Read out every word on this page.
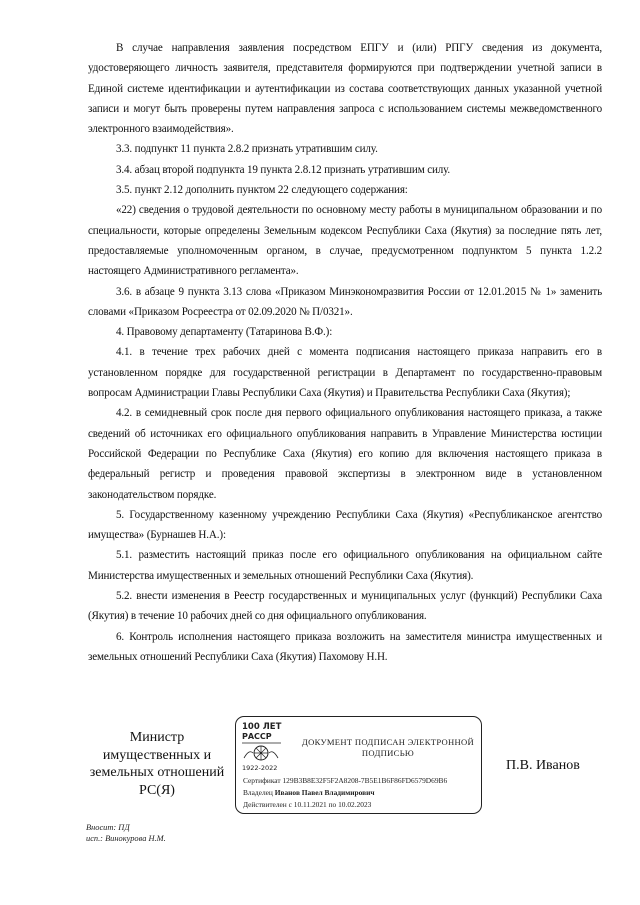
В случае направления заявления посредством ЕПГУ и (или) РПГУ сведения из документа, удостоверяющего личность заявителя, представителя формируются при подтверждении учетной записи в Единой системе идентификации и аутентификации из состава соответствующих данных указанной учетной записи и могут быть проверены путем направления запроса с использованием системы межведомственного электронного взаимодействия».

3.3. подпункт 11 пункта 2.8.2 признать утратившим силу.

3.4. абзац второй подпункта 19 пункта 2.8.12 признать утратившим силу.

3.5. пункт 2.12 дополнить пунктом 22 следующего содержания:

«22) сведения о трудовой деятельности по основному месту работы в муниципальном образовании и по специальности, которые определены Земельным кодексом Республики Саха (Якутия) за последние пять лет, предоставляемые уполномоченным органом, в случае, предусмотренном подпунктом 5 пункта 1.2.2 настоящего Административного регламента».

3.6. в абзаце 9 пункта 3.13 слова «Приказом Минэкономразвития России от 12.01.2015 № 1» заменить словами «Приказом Росреестра от 02.09.2020 № П/0321».

4. Правовому департаменту (Татаринова В.Ф.):

4.1. в течение трех рабочих дней с момента подписания настоящего приказа направить его в установленном порядке для государственной регистрации в Департамент по государственно-правовым вопросам Администрации Главы Республики Саха (Якутия) и Правительства Республики Саха (Якутия);

4.2. в семидневный срок после дня первого официального опубликования настоящего приказа, а также сведений об источниках его официального опубликования направить в Управление Министерства юстиции Российской Федерации по Республике Саха (Якутия) его копию для включения настоящего приказа в федеральный регистр и проведения правовой экспертизы в электронном виде в установленном законодательством порядке.

5. Государственному казенному учреждению Республики Саха (Якутия) «Республиканское агентство имущества» (Бурнашев Н.А.):

5.1. разместить настоящий приказ после его официального опубликования на официальном сайте Министерства имущественных и земельных отношений Республики Саха (Якутия).

5.2. внести изменения в Реестр государственных и муниципальных услуг (функций) Республики Саха (Якутия) в течение 10 рабочих дней со дня официального опубликования.

6. Контроль исполнения настоящего приказа возложить на заместителя министра имущественных и земельных отношений Республики Саха (Якутия) Пахомову Н.Н.

Министр имущественных и земельных отношений РС(Я)
100 ЛЕТ
РАССР
1922-2022
ДОКУМЕНТ ПОДПИСАН ЭЛЕКТРОННОЙ ПОДПИСЬЮ
Сертификат 129B3B8E32F5F2A8208-7B5E1B6F86FD6579D69B6
Владелец Иванов Павел Владимирович
Действителен с 10.11.2021 по 10.02.2023
П.В. Иванов
Вносит: ПД
исп.: Винокурова Н.М.
